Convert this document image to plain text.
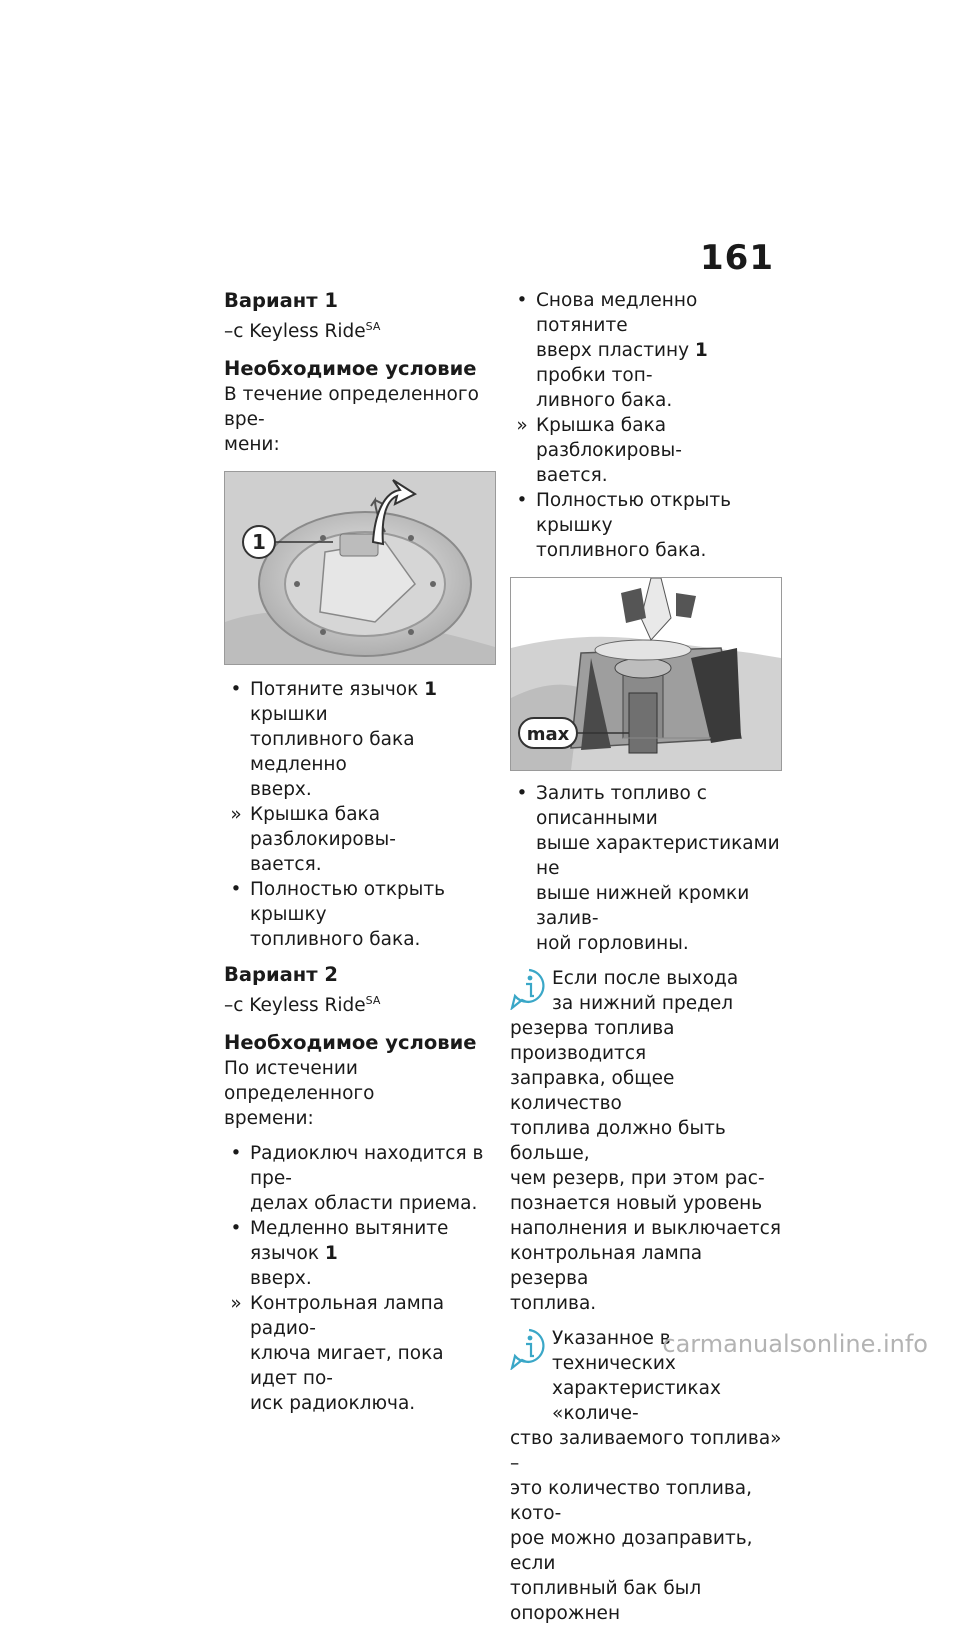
161

Вариант 1

–с Keyless Ride$^{SA}$

Необходимое условие

В течение определенного вре-

мени:

1
• Потяните язычок 1 крышки
топливного бака медленно
вверх.
» Крышка бака разблокировы-
вается.
• Полностью открыть крышку
топливного бака.

Вариант 2

–с Keyless Ride$^{SA}$

Необходимое условие

По истечении определенного

времени:

• Радиоключ находится в пре-
делах области приема.
• Медленно вытяните язычок 1
вверх.
» Контрольная лампа радио-
ключа мигает, пока идет по-
иск радиоключа.
• Снова медленно потяните
вверх пластину 1 пробки топ-
ливного бака.
» Крышка бака разблокировы-
вается.
• Полностью открыть крышку
топливного бака.
max
• Залить топливо с описанными
выше характеристиками не
выше нижней кромки залив-
ной горловины.
Если после выхода
за нижний предел
резерва топлива производится
заправка, общее количество
топлива должно быть больше,
чем резерв, при этом рас-
познается новый уровень
наполнения и выключается
контрольная лампа резерва
топлива.
Указанное в технических
характеристиках «количе-
ство заливаемого топлива» –
это количество топлива, кото-
рое можно дозаправить, если
топливный бак был опорожнен
carmanualsonline.info
